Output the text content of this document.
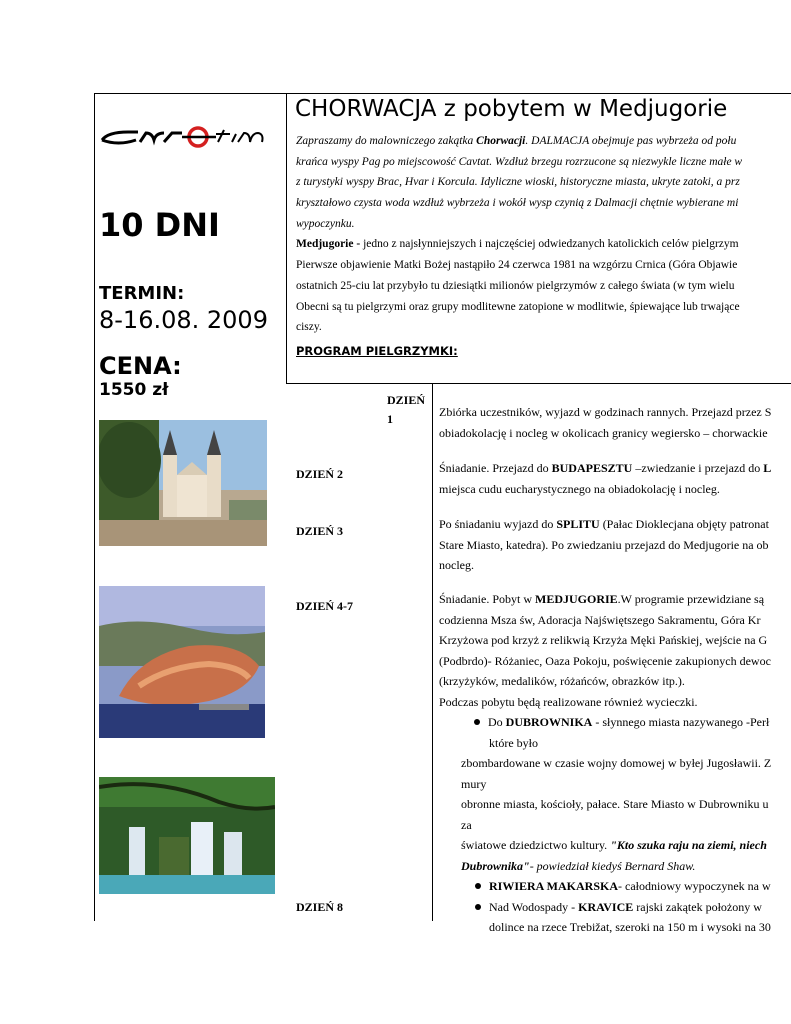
10 DNI
TERMIN:
8-16.08. 2009
CENA:
1550 zł
CHORWACJA z pobytem w Medjugorie
Zapraszamy do malowniczego zakątka Chorwacji. DALMACJA obejmuje pas wybrzeża od połu
krańca wyspy Pag po miejscowość Cavtat. Wzdłuż brzegu rozrzucone są niezwykle liczne małe w
z turystyki wyspy Brac, Hvar i Korcula. Idyliczne wioski, historyczne miasta, ukryte zatoki, a prz
kryształowo czysta woda wzdłuż wybrzeża i wokół wysp czynią z Dalmacji chętnie wybierane mi
wypoczynku.
Medjugorie - jedno z najsłynniejszych i najczęściej odwiedzanych katolickich celów pielgrzym
Pierwsze objawienie Matki Bożej nastąpiło 24 czerwca 1981 na wzgórzu Crnica (Góra Objawie
ostatnich 25-ciu lat przybyło tu dziesiątki milionów pielgrzymów z całego świata (w tym wielu
Obecni są tu pielgrzymi oraz grupy modlitewne zatopione w modlitwie, śpiewające lub trwające
ciszy.
PROGRAM PIELGRZYMKI:
DZIEŃ
1	Zbiórka uczestników, wyjazd w godzinach rannych. Przejazd przez S
obiadokolację i nocleg w okolicach granicy wegiersko – chorwackie
DZIEŃ 2	Śniadanie. Przejazd do BUDAPESZTU –zwiedzanie i przejazd do L
miejsca cudu eucharystycznego na obiadokolację i nocleg.
DZIEŃ 3	Po śniadaniu wyjazd do SPLITU (Pałac Dioklecjana objęty patronat
Stare Miasto, katedra). Po zwiedzaniu przejazd do Medjugorie na ob
nocleg.
DZIEŃ 4-7	Śniadanie. Pobyt w MEDJUGORIE.W programie przewidziane są
codzienna Msza św, Adoracja Najświętszego Sakramentu, Góra Kr
Krzyżowa pod krzyż z relikwią Krzyża Męki Pańskiej, wejście na G
(Podbrdo)- Różaniec, Oaza Pokoju, poświęcenie zakupionych dewoc
(krzyżyków, medalików, różańców, obrazków itp.).
Podczas pobytu będą realizowane również wycieczki.
Do DUBROWNIKA - słynnego miasta nazywanego -Perł
które było
zbombardowane w czasie wojny domowej w byłej Jugosławii. Z
mury
obronne miasta, kościoły, pałace. Stare Miasto w Dubrowniku u
za
światowe dziedzictwo kultury. "Kto szuka raju na ziemi, niech
Dubrownika"- powiedział kiedyś Bernard Shaw.
RIWIERA MAKARSKA- całodniowy wypoczynek na w
Nad Wodospady - KRAVICE rajski zakątek położony w
dolince na rzece Trebižat, szeroki na 150 m i wysoki na 30
DZIEŃ 8
